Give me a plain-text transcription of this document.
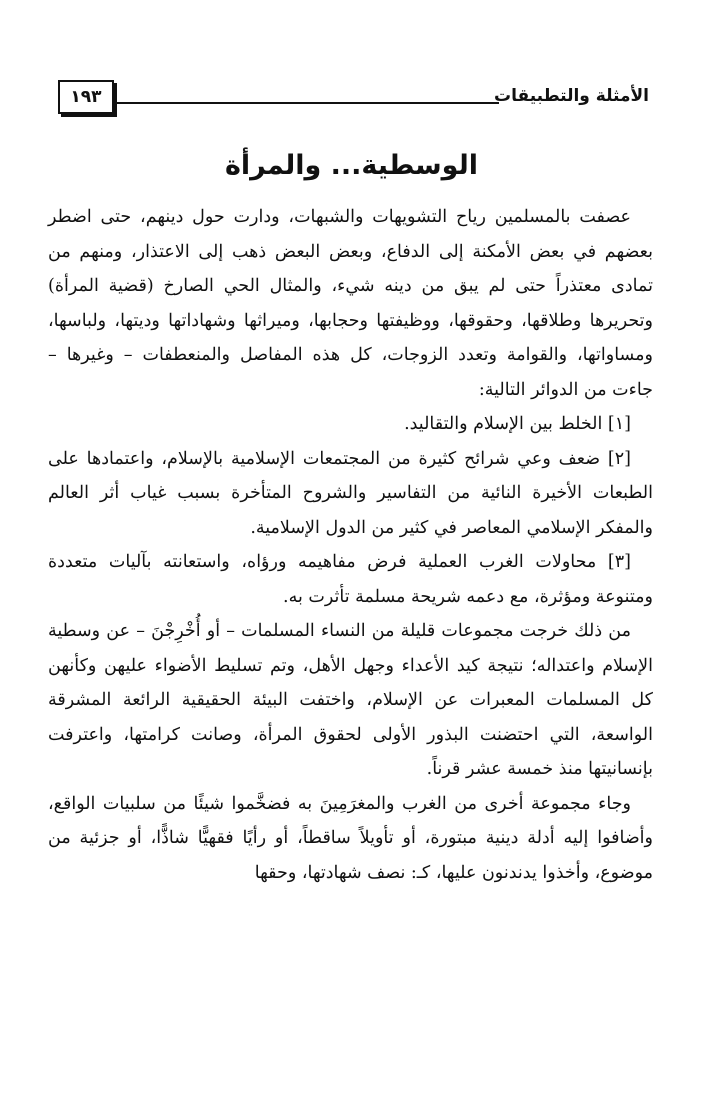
١٩٣	الأمثلة والتطبيقات
الوسطية... والمرأة

عصفت بالمسلمين رياح التشويهات والشبهات، ودارت حول دينهم، حتى اضطر بعضهم في بعض الأمكنة إلى الدفاع، وبعض البعض ذهب إلى الاعتذار، ومنهم من تمادى معتذراً حتى لم يبق من دينه شيء، والمثال الحي الصارخ (قضية المرأة) وتحريرها وطلاقها، وحقوقها، ووظيفتها وحجابها، وميراثها وشهاداتها وديتها، ولباسها، ومساواتها، والقوامة وتعدد الزوجات، كل هذه المفاصل والمنعطفات – وغيرها – جاءت من الدوائر التالية:

[١] الخلط بين الإسلام والتقاليد.

[٢] ضعف وعي شرائح كثيرة من المجتمعات الإسلامية بالإسلام، واعتمادها على الطبعات الأخيرة النائية من التفاسير والشروح المتأخرة بسبب غياب أثر العالم والمفكر الإسلامي المعاصر في كثير من الدول الإسلامية.

[٣] محاولات الغرب العملية فرض مفاهيمه ورؤاه، واستعانته بآليات متعددة ومتنوعة ومؤثرة، مع دعمه شريحة مسلمة تأثرت به.

من ذلك خرجت مجموعات قليلة من النساء المسلمات – أو أُخْرِجْنَ – عن وسطية الإسلام واعتداله؛ نتيجة كيد الأعداء وجهل الأهل، وتم تسليط الأضواء عليهن وكأنهن كل المسلمات المعبرات عن الإسلام، واختفت البيئة الحقيقية الرائعة المشرقة الواسعة، التي احتضنت البذور الأولى لحقوق المرأة، وصانت كرامتها، واعترفت بإنسانيتها منذ خمسة عشر قرناً.

وجاء مجموعة أخرى من الغرب والمغرَمِينَ به فضخَّموا شيئًا من سلبيات الواقع، وأضافوا إليه أدلة دينية مبتورة، أو تأويلاً ساقطاً، أو رأيًا فقهيًّا شاذًّا، أو جزئية من موضوع، وأخذوا يدندنون عليها، كـ: نصف شهادتها، وحقها
